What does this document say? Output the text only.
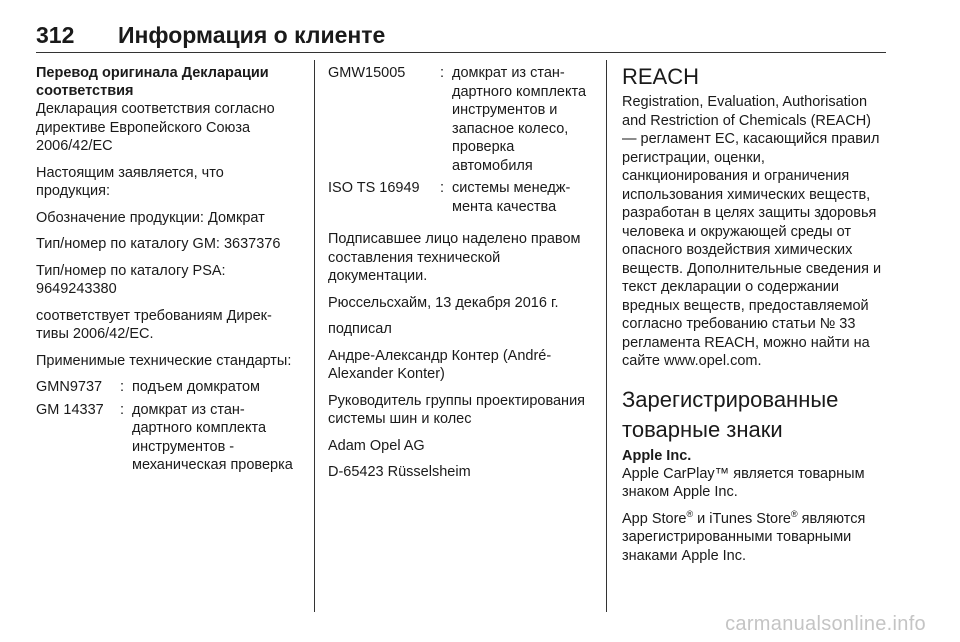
312 Информация о клиенте
Перевод оригинала Декларации соответствия

Декларация соответствия согласно директиве Европейского Союза 2006/42/EC

Настоящим заявляется, что продукция:

Обозначение продукции: Домкрат

Тип/номер по каталогу GM: 3637376

Тип/номер по каталогу PSA: 9649243380

соответствует требованиям Директивы 2006/42/EC.

Применимые технические стандарты:

GMN9737	: подъем домкратом
GM 14337	: домкрат из стандартного комплекта инструментов - механическая проверка
GMW15005	: домкрат из стандартного комплекта инструментов и запасное колесо, проверка автомобиля
ISO TS 16949	: системы менеджмента качества

Подписавшее лицо наделено правом составления технической документации.

Рюссельсхайм, 13 декабря 2016 г.

подписал

Андре-Александр Контер (André-Alexander Konter)

Руководитель группы проектирования системы шин и колес

Adam Opel AG

D-65423 Rüsselsheim

REACH

Registration, Evaluation, Authorisation and Restriction of Chemicals (REACH) — регламент ЕС, касающийся правил регистрации, оценки, санкционирования и ограничения использования химических веществ, разработан в целях защиты здоровья человека и окружающей среды от опасного воздействия химических веществ. Дополнительные сведения и текст декларации о содержании вредных веществ, предоставляемой согласно требованию статьи № 33 регламента REACH, можно найти на сайте www.opel.com.

Зарегистрированные товарные знаки
Apple Inc.

Apple CarPlay™ является товарным знаком Apple Inc.

App Store® и iTunes Store® являются зарегистрированными товарными знаками Apple Inc.

carmanualsonline.info
